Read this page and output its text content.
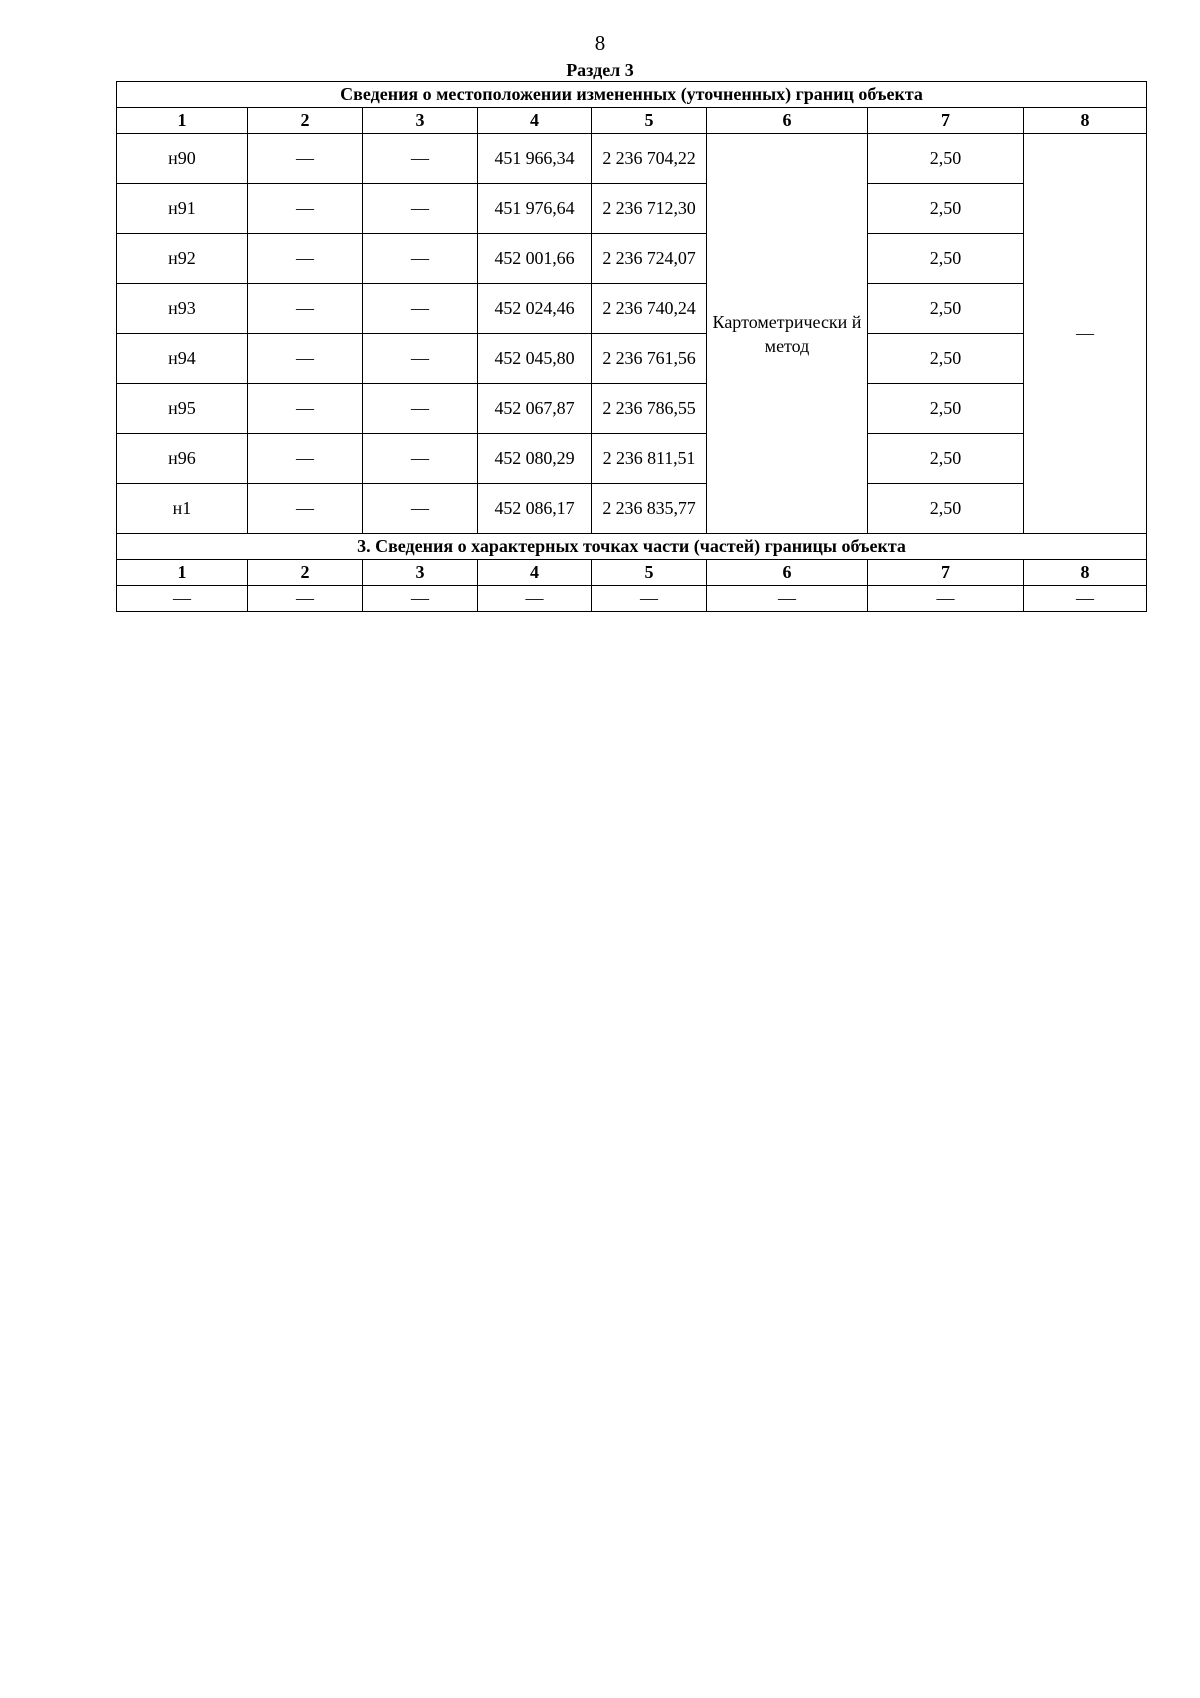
8
Раздел 3
Сведения о местоположении измененных (уточненных) границ объекта							
1	2	3	4	5	6	7	8
н90	—	—	451 966,34	2 236 704,22	Картометрически й метод	2,50	—
н91	—	—	451 976,64	2 236 712,30		2,50	
н92	—	—	452 001,66	2 236 724,07		2,50	
н93	—	—	452 024,46	2 236 740,24		2,50	
н94	—	—	452 045,80	2 236 761,56		2,50	
н95	—	—	452 067,87	2 236 786,55		2,50	
н96	—	—	452 080,29	2 236 811,51		2,50	
н1	—	—	452 086,17	2 236 835,77		2,50	
3. Сведения о характерных точках части (частей) границы объекта							
1	2	3	4	5	6	7	8
—	—	—	—	—	—	—	—
